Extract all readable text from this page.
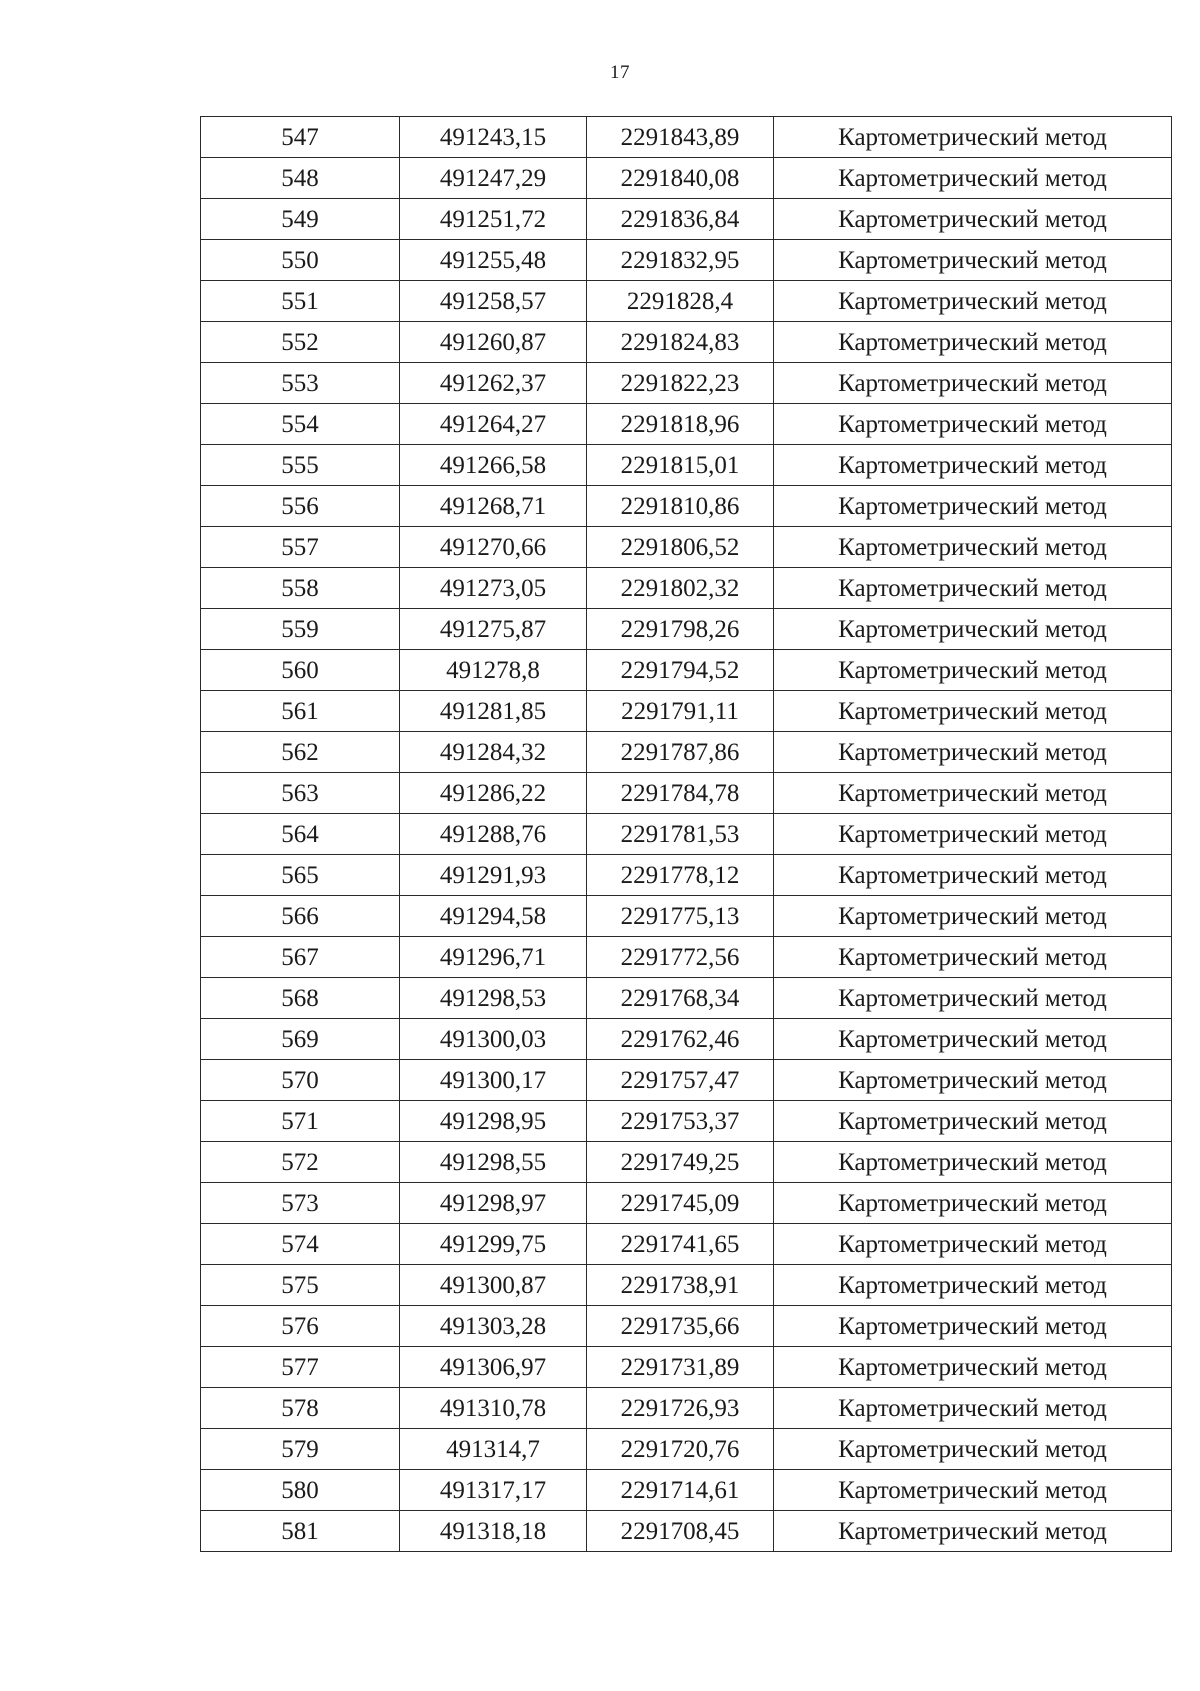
17
547	491243,15	2291843,89	Картометрический метод
548	491247,29	2291840,08	Картометрический метод
549	491251,72	2291836,84	Картометрический метод
550	491255,48	2291832,95	Картометрический метод
551	491258,57	2291828,4	Картометрический метод
552	491260,87	2291824,83	Картометрический метод
553	491262,37	2291822,23	Картометрический метод
554	491264,27	2291818,96	Картометрический метод
555	491266,58	2291815,01	Картометрический метод
556	491268,71	2291810,86	Картометрический метод
557	491270,66	2291806,52	Картометрический метод
558	491273,05	2291802,32	Картометрический метод
559	491275,87	2291798,26	Картометрический метод
560	491278,8	2291794,52	Картометрический метод
561	491281,85	2291791,11	Картометрический метод
562	491284,32	2291787,86	Картометрический метод
563	491286,22	2291784,78	Картометрический метод
564	491288,76	2291781,53	Картометрический метод
565	491291,93	2291778,12	Картометрический метод
566	491294,58	2291775,13	Картометрический метод
567	491296,71	2291772,56	Картометрический метод
568	491298,53	2291768,34	Картометрический метод
569	491300,03	2291762,46	Картометрический метод
570	491300,17	2291757,47	Картометрический метод
571	491298,95	2291753,37	Картометрический метод
572	491298,55	2291749,25	Картометрический метод
573	491298,97	2291745,09	Картометрический метод
574	491299,75	2291741,65	Картометрический метод
575	491300,87	2291738,91	Картометрический метод
576	491303,28	2291735,66	Картометрический метод
577	491306,97	2291731,89	Картометрический метод
578	491310,78	2291726,93	Картометрический метод
579	491314,7	2291720,76	Картометрический метод
580	491317,17	2291714,61	Картометрический метод
581	491318,18	2291708,45	Картометрический метод
